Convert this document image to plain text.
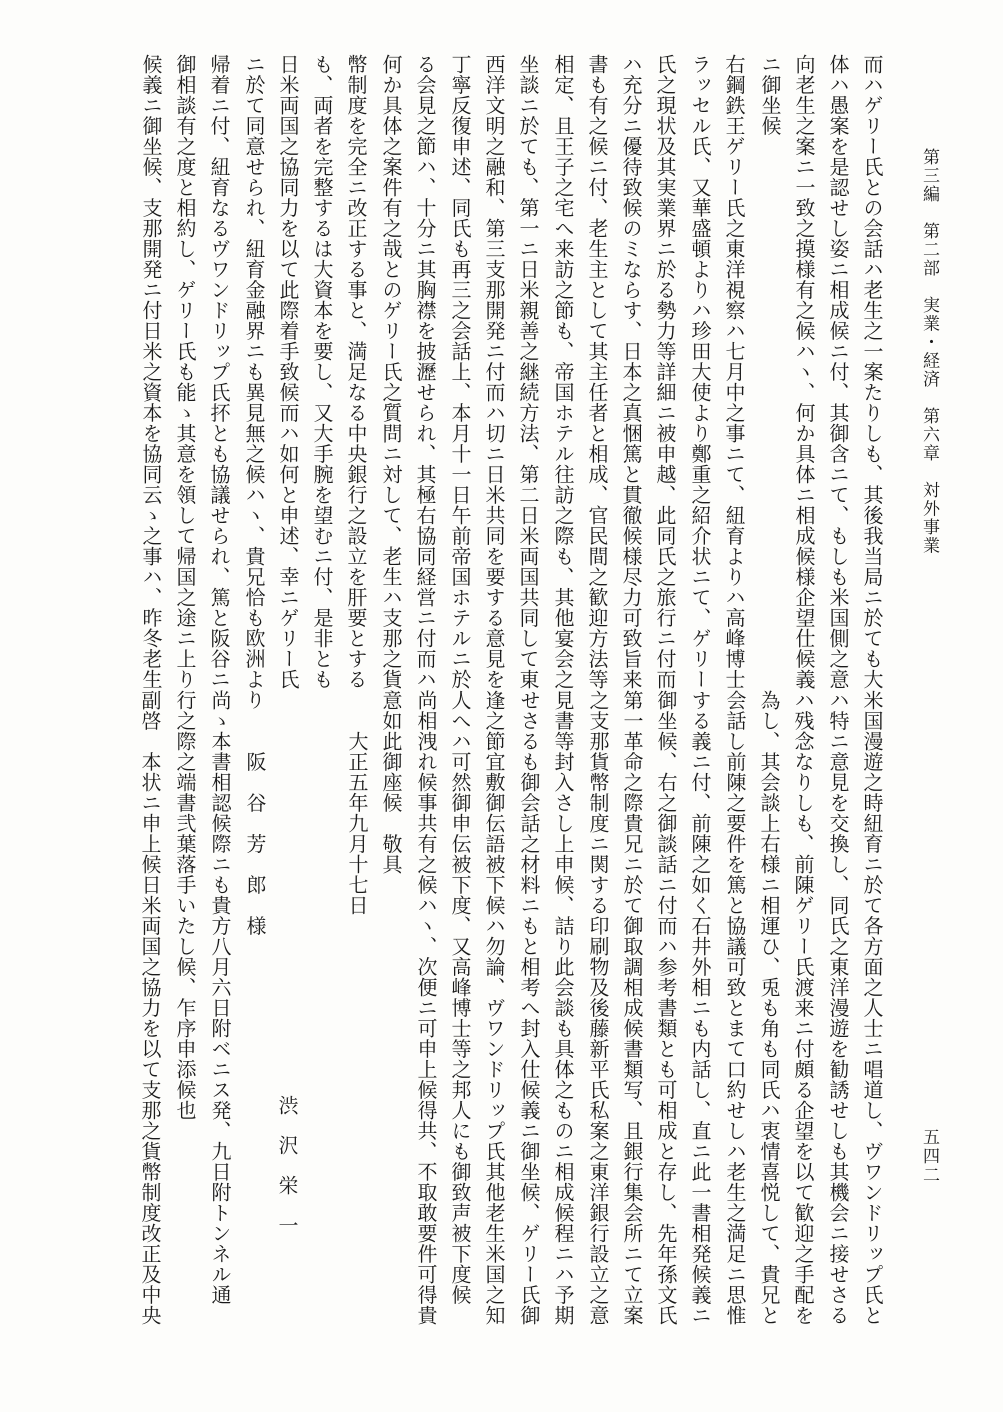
第三編　第二部　実業・経済　第六章　対外事業
五四二
而ハゲリー氏との会話ハ老生之一案たりしも、其後我当局ニ於ても大
体ハ愚案を是認せし姿ニ相成候ニ付、其御含ニて、もしも米国側之意
向老生之案ニ一致之摸様有之候ハヽ、何か具体ニ相成候様企望仕候義
ニ御坐候
右鋼鉄王ゲリー氏之東洋視察ハ七月中之事ニて、紐育よりハ高峰博士
ラッセル氏、又華盛頓よりハ珍田大使より鄭重之紹介状ニて、ゲリー
氏之現状及其実業界ニ於る勢力等詳細ニ被申越、此同氏之旅行ニ付而
ハ充分ニ優待致候のミならす、日本之真悃篤と貫徹候様尽力可致旨来
書も有之候ニ付、老生主として其主任者と相成、官民間之歓迎方法等
相定、且王子之宅へ来訪之節も、帝国ホテル往訪之際も、其他宴会之
坐談ニ於ても、第一ニ日米親善之継続方法、第二日米両国共同して東
西洋文明之融和、第三支那開発ニ付而ハ切ニ日米共同を要する意見を
丁寧反復申述、同氏も再三之会話上、本月十一日午前帝国ホテルニ於
る会見之節ハ、十分ニ其胸襟を披瀝せられ、其極右協同経営ニ付而ハ
何か具体之案件有之哉とのゲリー氏之質問ニ対して、老生ハ支那之貨
幣制度を完全ニ改正する事と、満足なる中央銀行之設立を肝要とする
も、両者を完整するは大資本を要し、又大手腕を望むニ付、是非とも
日米両国之協同力を以て此際着手致候而ハ如何と申述、幸ニゲリー氏
ニ於て同意せられ、紐育金融界ニも異見無之候ハヽ、貴兄恰も欧洲より
帰着ニ付、紐育なるヴワンドリップ氏抔とも協議せられ、篤と阪谷ニ
御相談有之度と相約し、ゲリー氏も能ゝ其意を領して帰国之途ニ上り
候義ニ御坐候、支那開発ニ付日米之資本を協同云ゝ之事ハ、昨冬老生
米国漫遊之時紐育ニ於て各方面之人士ニ唱道し、ヴワンドリップ氏と
ハ特ニ意見を交換し、同氏之東洋漫遊を勧誘せしも其機会ニ接せさる
ハ残念なりしも、前陳ゲリー氏渡来ニ付頗る企望を以て歓迎之手配を
為し、其会談上右様ニ相運ひ、兎も角も同氏ハ衷情喜悦して、貴兄と
会話し前陳之要件を篤と協議可致とまて口約せしハ老生之満足ニ思惟
する義ニ付、前陳之如く石井外相ニも内話し、直ニ此一書相発候義ニ
御坐候、右之御談話ニ付而ハ参考書類とも可相成と存し、先年孫文氏
第一革命之際貴兄ニ於て御取調相成候書類写、且銀行集会所ニて立案
之支那貨幣制度ニ関する印刷物及後藤新平氏私案之東洋銀行設立之意
見書等封入さし上申候、詰り此会談も具体之ものニ相成候程ニハ予期
せさるも御会話之材料ニもと相考へ封入仕候義ニ御坐候、ゲリー氏御
逢之節宜敷御伝語被下候ハ勿論、ヴワンドリップ氏其他老生米国之知
人へハ可然御申伝被下度、又高峰博士等之邦人にも御致声被下度候
尚相洩れ候事共有之候ハヽ、次便ニ可申上候得共、不取敢要件可得貴
意如此御座候　敬具
　　大正五年九月十七日
渋　沢　栄　一
　　　阪　谷　芳　郎　様
尚ゝ本書相認候際ニも貴方八月六日附ベニス発、九日附トンネル通
行之際之端書弐葉落手いたし候、乍序申添候也
副啓　本状ニ申上候日米両国之協力を以て支那之貨幣制度改正及中央
